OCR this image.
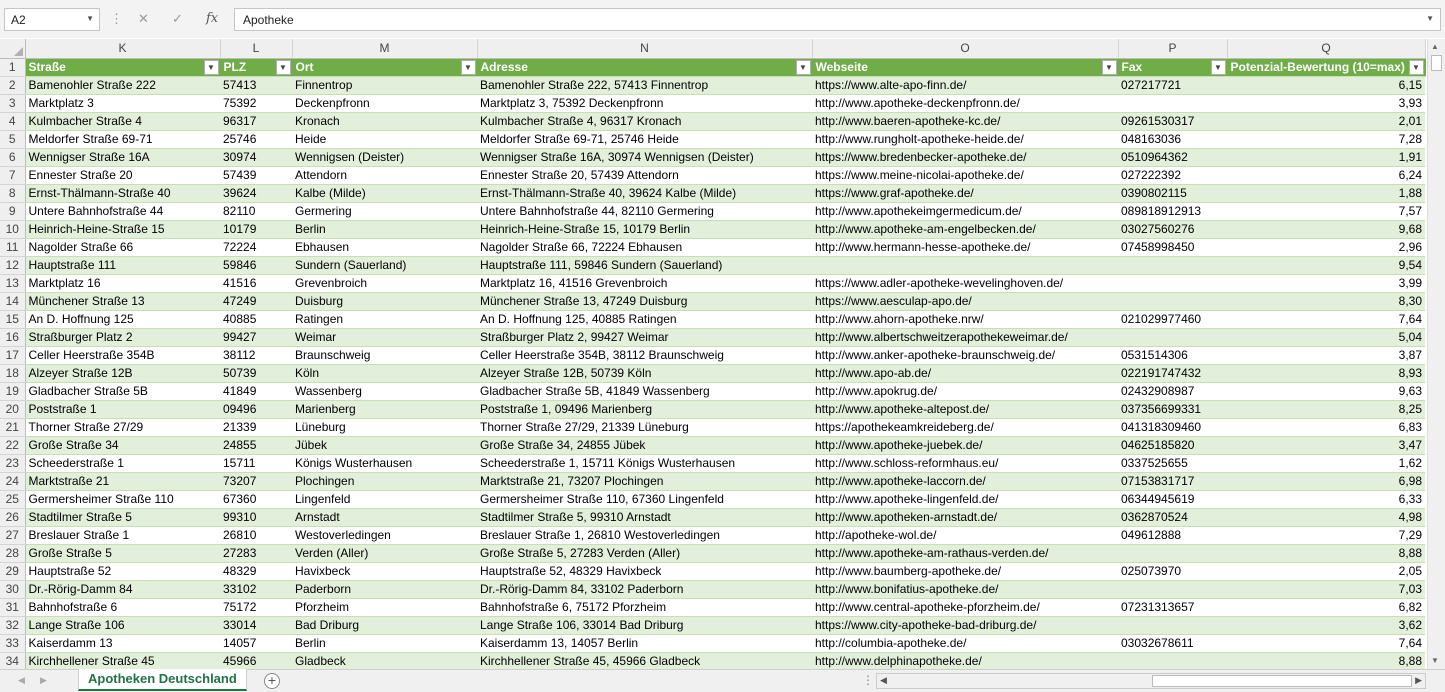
A2	▼ ⋮ ✕ ✓ fx	Apotheke	▼
	K	L	M	N	O	P	Q
1	Straße ▼	PLZ ▼	Ort ▼	Adresse ▼	Webseite ▼	Fax ▼	Potenzial-Bewertung (10=max) ▼

2	Bamenohler Straße 222	57413	Finnentrop	Bamenohler Straße 222, 57413 Finnentrop	https://www.alte-apo-finn.de/	027217721	6,15
3	Marktplatz 3	75392	Deckenpfronn	Marktplatz 3, 75392 Deckenpfronn	http://www.apotheke-deckenpfronn.de/		3,93
4	Kulmbacher Straße 4	96317	Kronach	Kulmbacher Straße 4, 96317 Kronach	http://www.baeren-apotheke-kc.de/	09261530317	2,01
5	Meldorfer Straße 69-71	25746	Heide	Meldorfer Straße 69-71, 25746 Heide	http://www.rungholt-apotheke-heide.de/	048163036	7,28
6	Wennigser Straße 16A	30974	Wennigsen (Deister)	Wennigser Straße 16A, 30974 Wennigsen (Deister)	https://www.bredenbecker-apotheke.de/	0510964362	1,91
7	Ennester Straße 20	57439	Attendorn	Ennester Straße 20, 57439 Attendorn	https://www.meine-nicolai-apotheke.de/	027222392	6,24
8	Ernst-Thälmann-Straße 40	39624	Kalbe (Milde)	Ernst-Thälmann-Straße 40, 39624 Kalbe (Milde)	https://www.graf-apotheke.de/	0390802115	1,88
9	Untere Bahnhofstraße 44	82110	Germering	Untere Bahnhofstraße 44, 82110 Germering	http://www.apothekeimgermedicum.de/	089818912913	7,57
10	Heinrich-Heine-Straße 15	10179	Berlin	Heinrich-Heine-Straße 15, 10179 Berlin	http://www.apotheke-am-engelbecken.de/	03027560276	9,68
11	Nagolder Straße 66	72224	Ebhausen	Nagolder Straße 66, 72224 Ebhausen	http://www.hermann-hesse-apotheke.de/	07458998450	2,96
12	Hauptstraße 111	59846	Sundern (Sauerland)	Hauptstraße 111, 59846 Sundern (Sauerland)			9,54
13	Marktplatz 16	41516	Grevenbroich	Marktplatz 16, 41516 Grevenbroich	https://www.adler-apotheke-wevelinghoven.de/		3,99
14	Münchener Straße 13	47249	Duisburg	Münchener Straße 13, 47249 Duisburg	https://www.aesculap-apo.de/		8,30
15	An D. Hoffnung 125	40885	Ratingen	An D. Hoffnung 125, 40885 Ratingen	http://www.ahorn-apotheke.nrw/	021029977460	7,64
16	Straßburger Platz 2	99427	Weimar	Straßburger Platz 2, 99427 Weimar	http://www.albertschweitzerapothekeweimar.de/		5,04
17	Celler Heerstraße 354B	38112	Braunschweig	Celler Heerstraße 354B, 38112 Braunschweig	http://www.anker-apotheke-braunschweig.de/	0531514306	3,87
18	Alzeyer Straße 12B	50739	Köln	Alzeyer Straße 12B, 50739 Köln	http://www.apo-ab.de/	022191747432	8,93
19	Gladbacher Straße 5B	41849	Wassenberg	Gladbacher Straße 5B, 41849 Wassenberg	http://www.apokrug.de/	02432908987	9,63
20	Poststraße 1	09496	Marienberg	Poststraße 1, 09496 Marienberg	http://www.apotheke-altepost.de/	037356699331	8,25
21	Thorner Straße 27/29	21339	Lüneburg	Thorner Straße 27/29, 21339 Lüneburg	https://apothekeamkreideberg.de/	041318309460	6,83
22	Große Straße 34	24855	Jübek	Große Straße 34, 24855 Jübek	http://www.apotheke-juebek.de/	04625185820	3,47
23	Scheederstraße 1	15711	Königs Wusterhausen	Scheederstraße 1, 15711 Königs Wusterhausen	http://www.schloss-reformhaus.eu/	0337525655	1,62
24	Marktstraße 21	73207	Plochingen	Marktstraße 21, 73207 Plochingen	http://www.apotheke-laccorn.de/	07153831717	6,98
25	Germersheimer Straße 110	67360	Lingenfeld	Germersheimer Straße 110, 67360 Lingenfeld	http://www.apotheke-lingenfeld.de/	06344945619	6,33
26	Stadtilmer Straße 5	99310	Arnstadt	Stadtilmer Straße 5, 99310 Arnstadt	http://www.apotheken-arnstadt.de/	0362870524	4,98
27	Breslauer Straße 1	26810	Westoverledingen	Breslauer Straße 1, 26810 Westoverledingen	http://apotheke-wol.de/	049612888	7,29
28	Große Straße 5	27283	Verden (Aller)	Große Straße 5, 27283 Verden (Aller)	http://www.apotheke-am-rathaus-verden.de/		8,88
29	Hauptstraße 52	48329	Havixbeck	Hauptstraße 52, 48329 Havixbeck	http://www.baumberg-apotheke.de/	025073970	2,05
30	Dr.-Rörig-Damm 84	33102	Paderborn	Dr.-Rörig-Damm 84, 33102 Paderborn	http://www.bonifatius-apotheke.de/		7,03
31	Bahnhofstraße 6	75172	Pforzheim	Bahnhofstraße 6, 75172 Pforzheim	http://www.central-apotheke-pforzheim.de/	07231313657	6,82
32	Lange Straße 106	33014	Bad Driburg	Lange Straße 106, 33014 Bad Driburg	https://www.city-apotheke-bad-driburg.de/		3,62
33	Kaiserdamm 13	14057	Berlin	Kaiserdamm 13, 14057 Berlin	http://columbia-apotheke.de/	03032678611	7,64
34	Kirchhellener Straße 45	45966	Gladbeck	Kirchhellener Straße 45, 45966 Gladbeck	http://www.delphinapotheke.de/		8,88
▲
▼
◀ ▶	Apotheken Deutschland	+	⋮ ◀	▶
